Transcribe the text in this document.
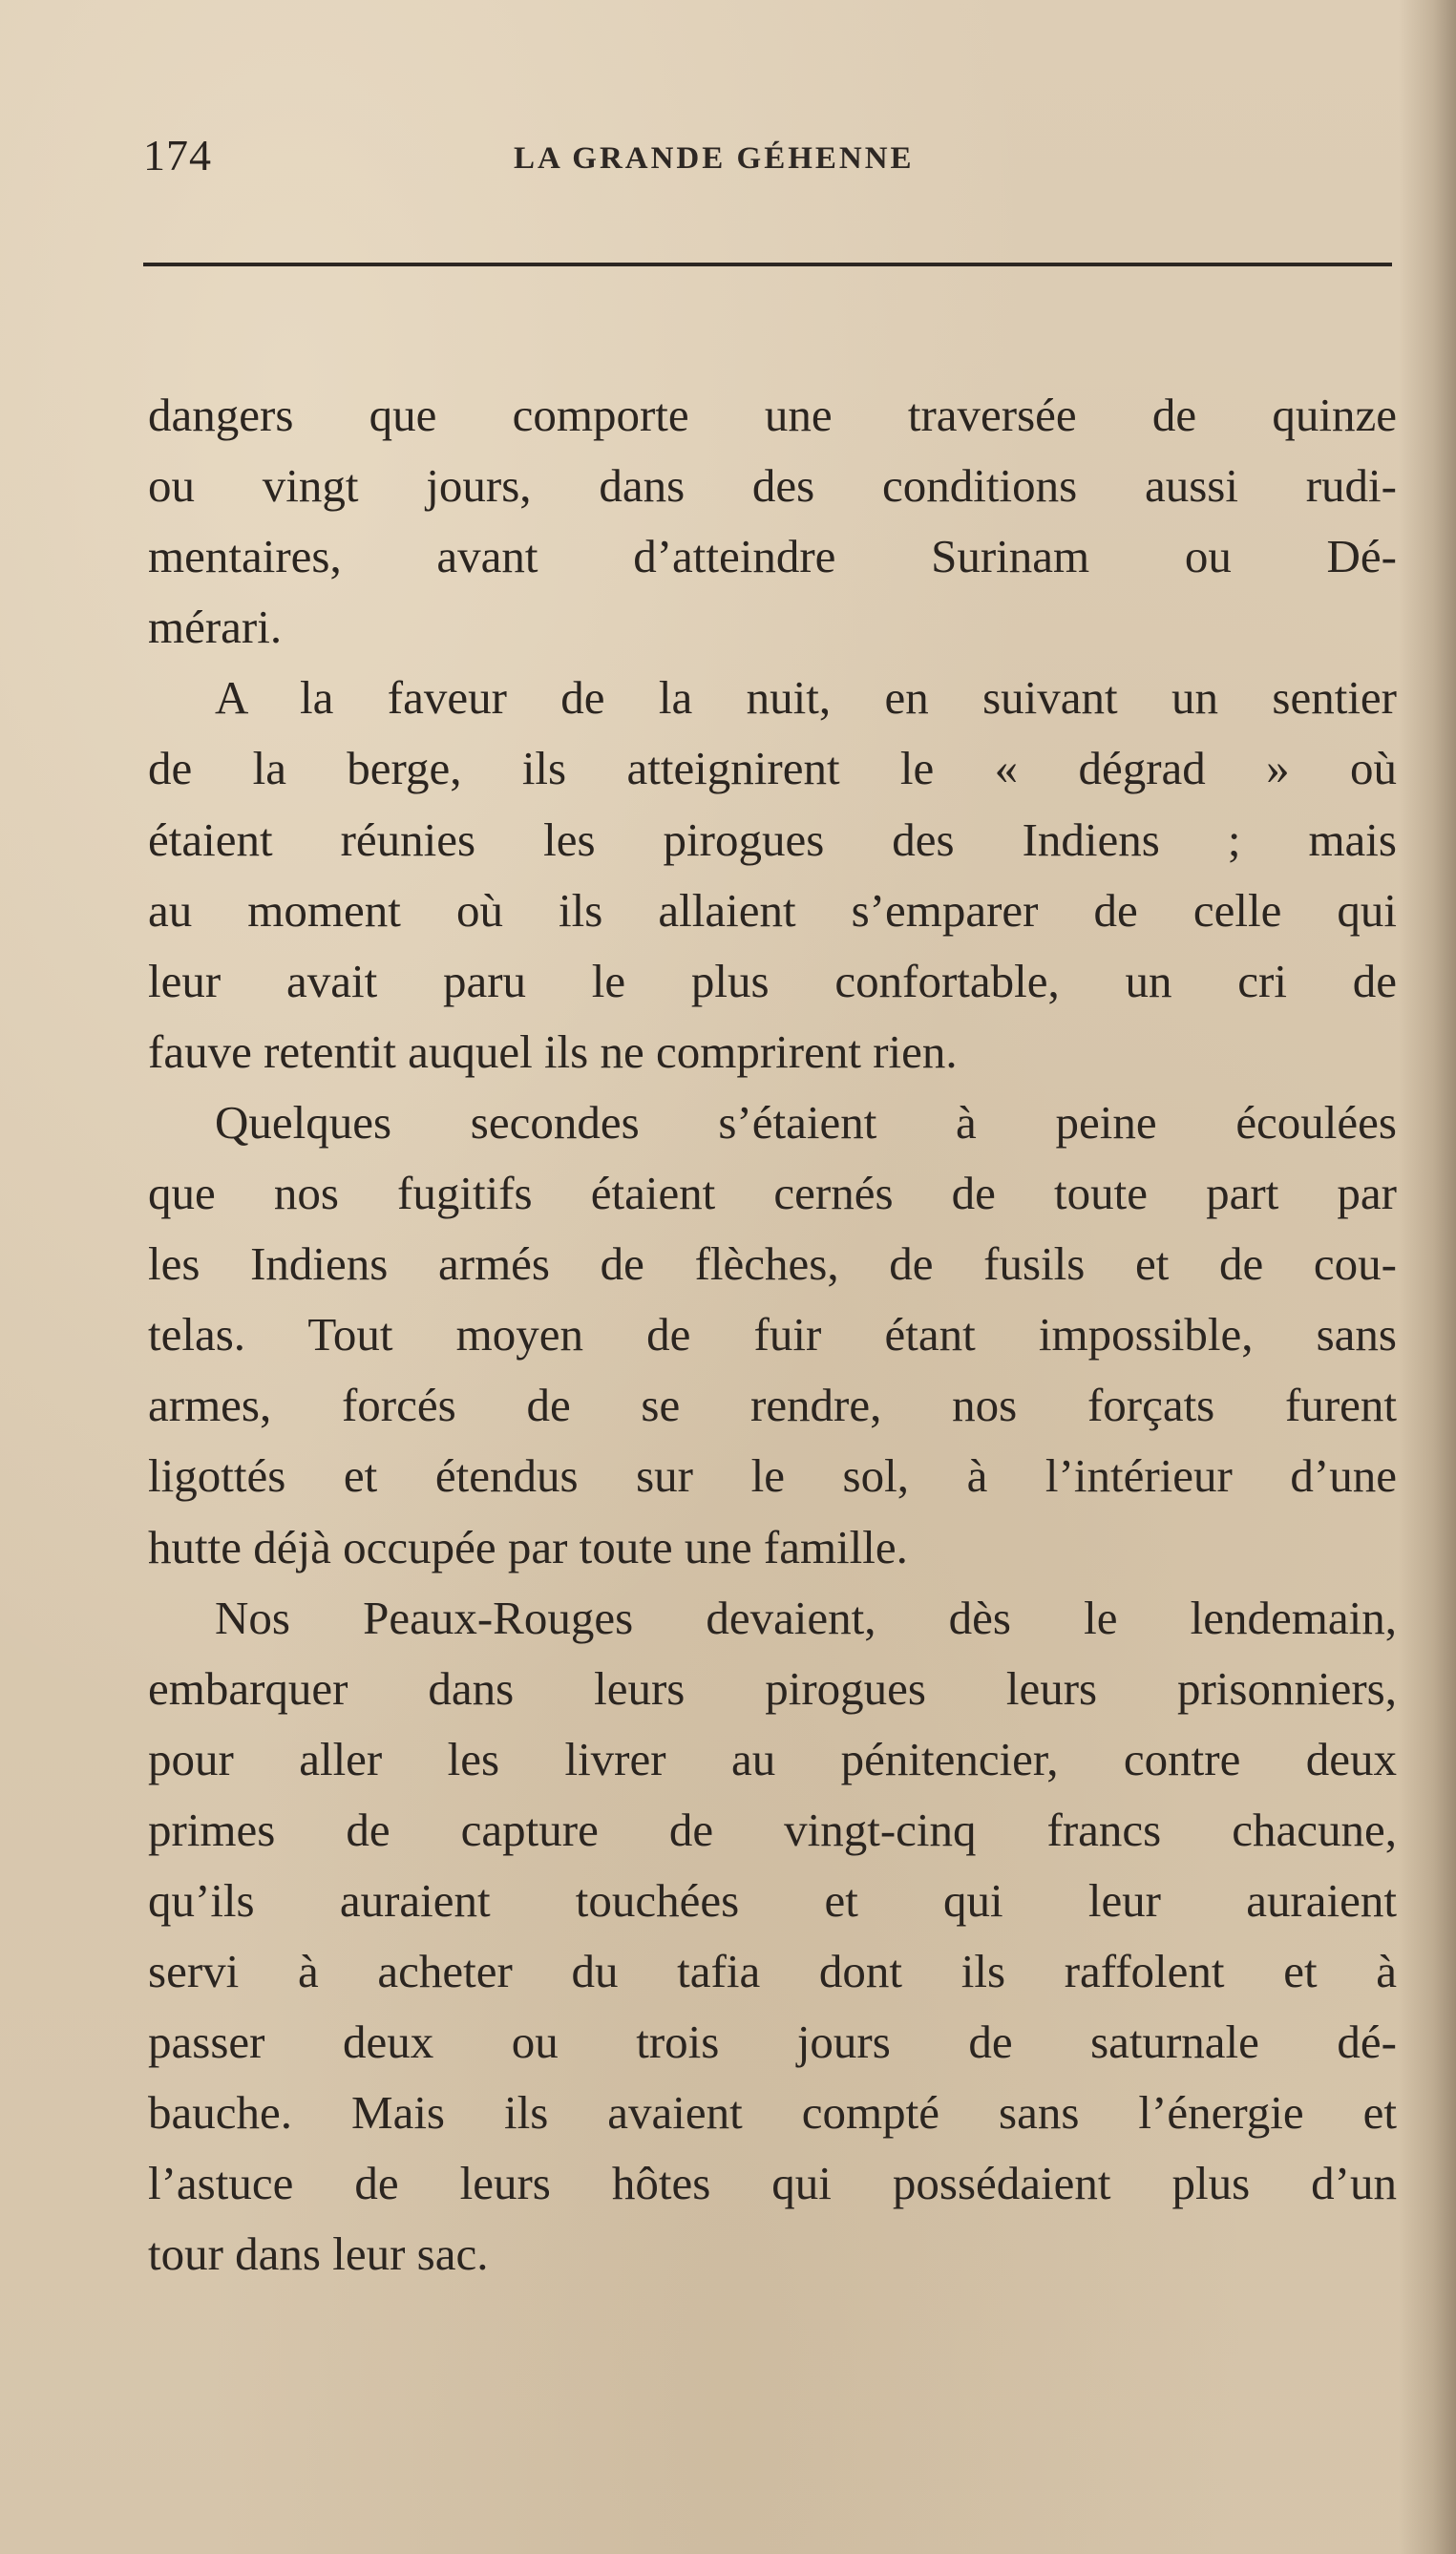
174	LA GRANDE GÉHENNE
dangers que comporte une traversée de quinze
ou vingt jours, dans des conditions aussi rudi-
mentaires, avant d’atteindre Surinam ou Dé-
mérari.
A la faveur de la nuit, en suivant un sentier
de la berge, ils atteignirent le « dégrad » où
étaient réunies les pirogues des Indiens ; mais
au moment où ils allaient s’emparer de celle qui
leur avait paru le plus confortable, un cri de
fauve retentit auquel ils ne comprirent rien.
Quelques secondes s’étaient à peine écoulées
que nos fugitifs étaient cernés de toute part par
les Indiens armés de flèches, de fusils et de cou-
telas. Tout moyen de fuir étant impossible, sans
armes, forcés de se rendre, nos forçats furent
ligottés et étendus sur le sol, à l’intérieur d’une
hutte déjà occupée par toute une famille.
Nos Peaux-Rouges devaient, dès le lendemain,
embarquer dans leurs pirogues leurs prisonniers,
pour aller les livrer au pénitencier, contre deux
primes de capture de vingt-cinq francs chacune,
qu’ils auraient touchées et qui leur auraient
servi à acheter du tafia dont ils raffolent et à
passer deux ou trois jours de saturnale dé-
bauche. Mais ils avaient compté sans l’énergie et
l’astuce de leurs hôtes qui possédaient plus d’un
tour dans leur sac.
